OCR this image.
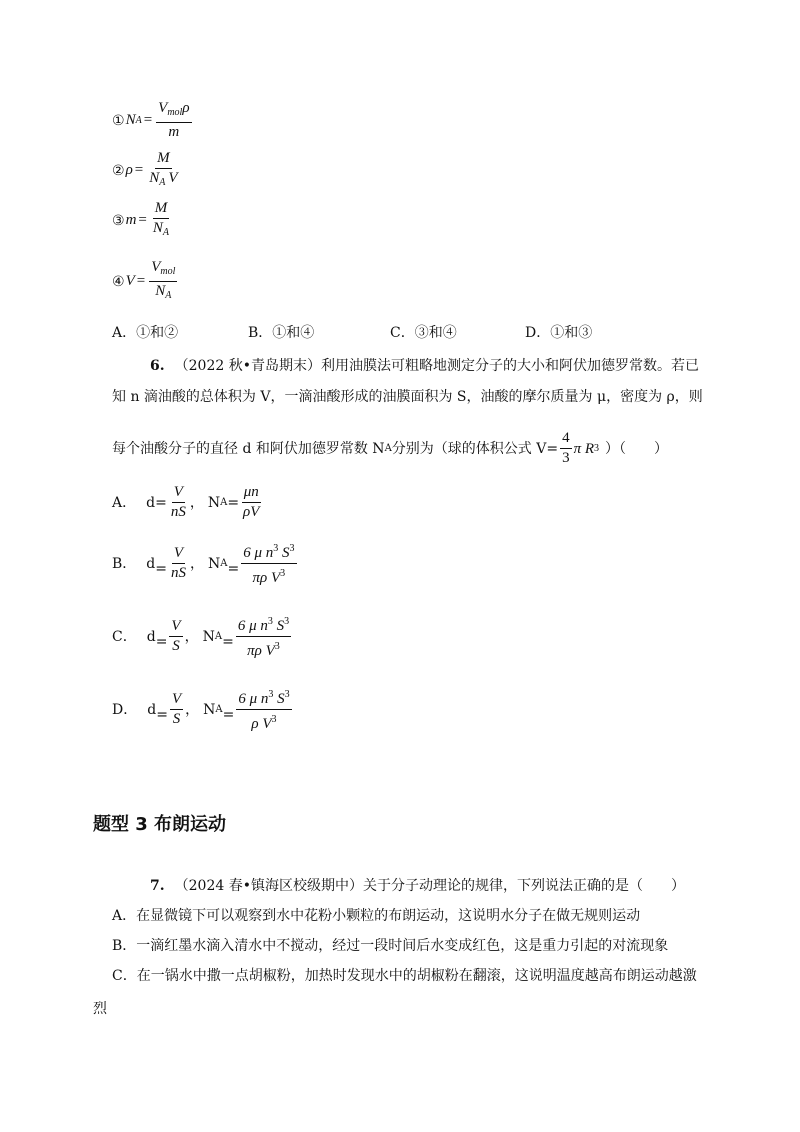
① N $A = \frac{V_{mol}\rho}{m}$
② $\rho = \frac{M}{N_A V}$
③ $m = \frac{M}{N_A}$
④ $V = \frac{V_{mol}}{N_A}$
A．①和②	B．①和④	C．③和④	D．①和③
6. （2022 秋•青岛期末）利用油膜法可粗略地测定分子的大小和阿伏加德罗常数。若已
知 n 滴油酸的总体积为 V，一滴油酸形成的油膜面积为 S，油酸的摩尔质量为 μ，密度为 ρ，则
每个油酸分子的直径 d 和阿伏加德罗常数 N A 分别为（球的体积公式 $V= \frac{4}{3}$ π R 3 ）（　　）
A． $d= \frac{V}{nS}$ ， N $A = \frac{\mu n}{\rho V}$
B． $d = \frac{V}{nS}$ ， N $A = \frac{6 \mu n^3 S^3}{\pi\rho V^3}$
C． $d = \frac{V}{S}$ ， N $A = \frac{6 \mu n^3 S^3}{\pi\rho V^3}$
D． $d = \frac{V}{S}$ ， N $A = \frac{6 \mu n^3 S^3}{\rho V^3}$
题型 3 布朗运动
7. （2024 春•镇海区校级期中）关于分子动理论的规律，下列说法正确的是（　　）
A．在显微镜下可以观察到水中花粉小颗粒的布朗运动，这说明水分子在做无规则运动
B．一滴红墨水滴入清水中不搅动，经过一段时间后水变成红色，这是重力引起的对流现象
C．在一锅水中撒一点胡椒粉，加热时发现水中的胡椒粉在翻滚，这说明温度越高布朗运动越激
烈
